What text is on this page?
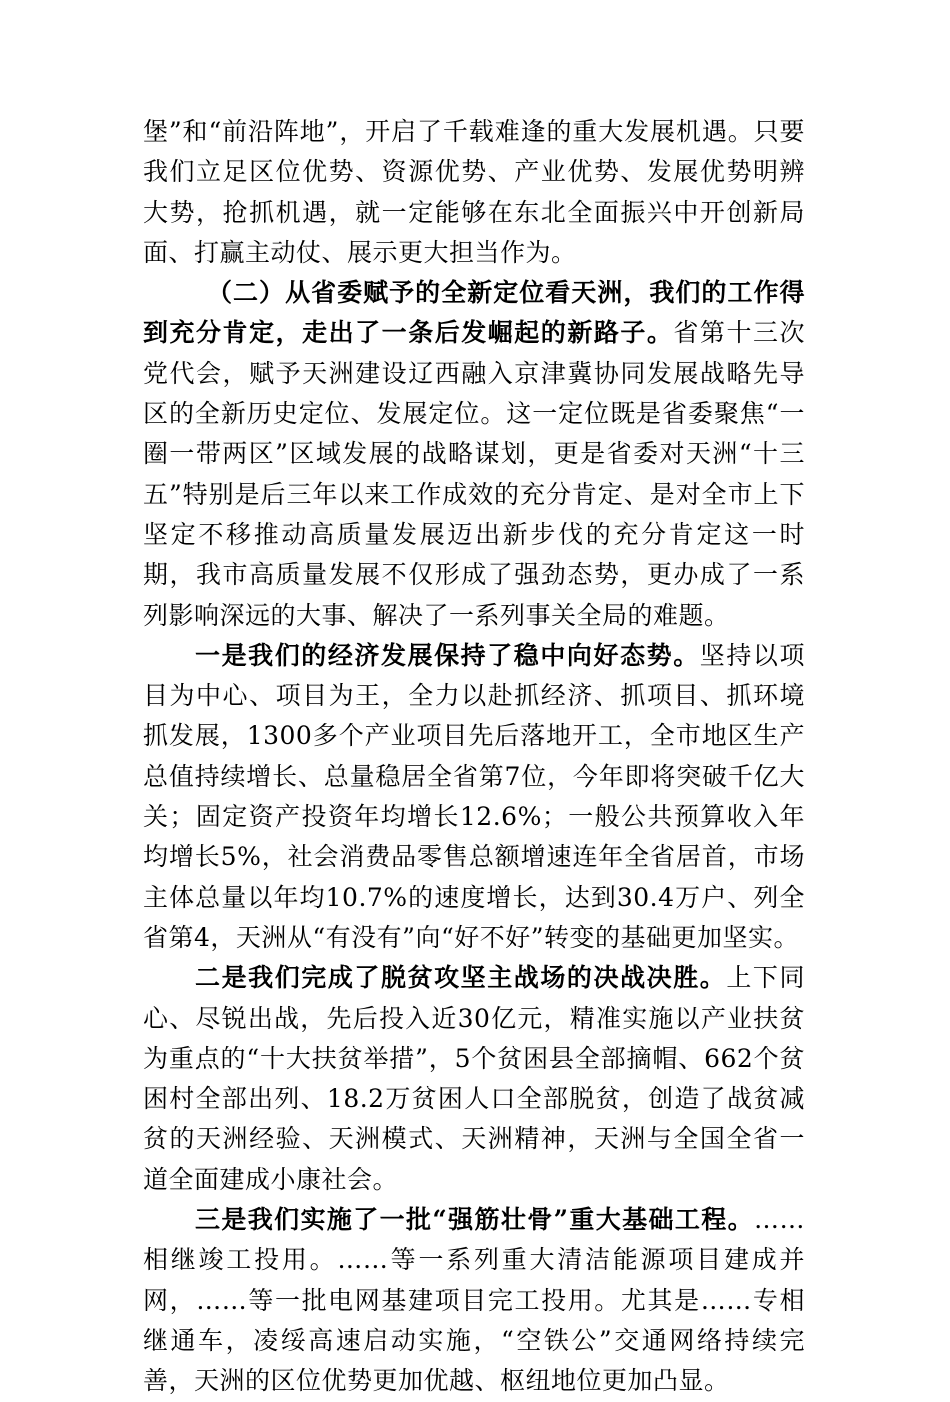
堡”和“前沿阵地”，开启了千载难逢的重大发展机遇。只要我们立足区位优势、资源优势、产业优势、发展优势明辨大势，抢抓机遇，就一定能够在东北全面振兴中开创新局面、打赢主动仗、展示更大担当作为。

（二）从省委赋予的全新定位看天洲，我们的工作得到充分肯定，走出了一条后发崛起的新路子。省第十三次党代会，赋予天洲建设辽西融入京津冀协同发展战略先导区的全新历史定位、发展定位。这一定位既是省委聚焦“一圈一带两区”区域发展的战略谋划，更是省委对天洲“十三五”特别是后三年以来工作成效的充分肯定、是对全市上下坚定不移推动高质量发展迈出新步伐的充分肯定这一时期，我市高质量发展不仅形成了强劲态势，更办成了一系列影响深远的大事、解决了一系列事关全局的难题。

一是我们的经济发展保持了稳中向好态势。坚持以项目为中心、项目为王，全力以赴抓经济、抓项目、抓环境抓发展，1300多个产业项目先后落地开工，全市地区生产总值持续增长、总量稳居全省第7位，今年即将突破千亿大关；固定资产投资年均增长12.6%；一般公共预算收入年均增长5%，社会消费品零售总额增速连年全省居首，市场主体总量以年均10.7%的速度增长，达到30.4万户、列全省第4，天洲从“有没有”向“好不好”转变的基础更加坚实。

二是我们完成了脱贫攻坚主战场的决战决胜。上下同心、尽锐出战，先后投入近30亿元，精准实施以产业扶贫为重点的“十大扶贫举措”，5个贫困县全部摘帽、662个贫困村全部出列、18.2万贫困人口全部脱贫，创造了战贫减贫的天洲经验、天洲模式、天洲精神，天洲与全国全省一道全面建成小康社会。

三是我们实施了一批“强筋壮骨”重大基础工程。……相继竣工投用。……等一系列重大清洁能源项目建成并网，……等一批电网基建项目完工投用。尤其是……专相继通车，凌绥高速启动实施，“空铁公”交通网络持续完善，天洲的区位优势更加优越、枢纽地位更加凸显。
